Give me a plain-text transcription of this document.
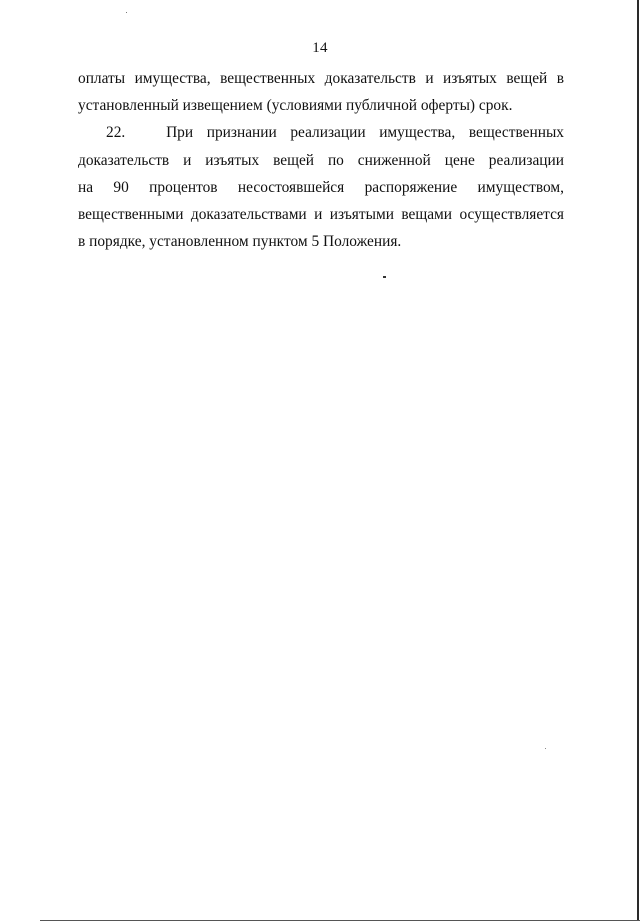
14
оплаты имущества, вещественных доказательств и изъятых вещей в
установленный извещением (условиями публичной оферты) срок.
22.   При признании реализации имущества, вещественных
доказательств и изъятых вещей по сниженной цене реализации
на 90 процентов несостоявшейся распоряжение имуществом,
вещественными доказательствами и изъятыми вещами осуществляется
в порядке, установленном пунктом 5 Положения.
